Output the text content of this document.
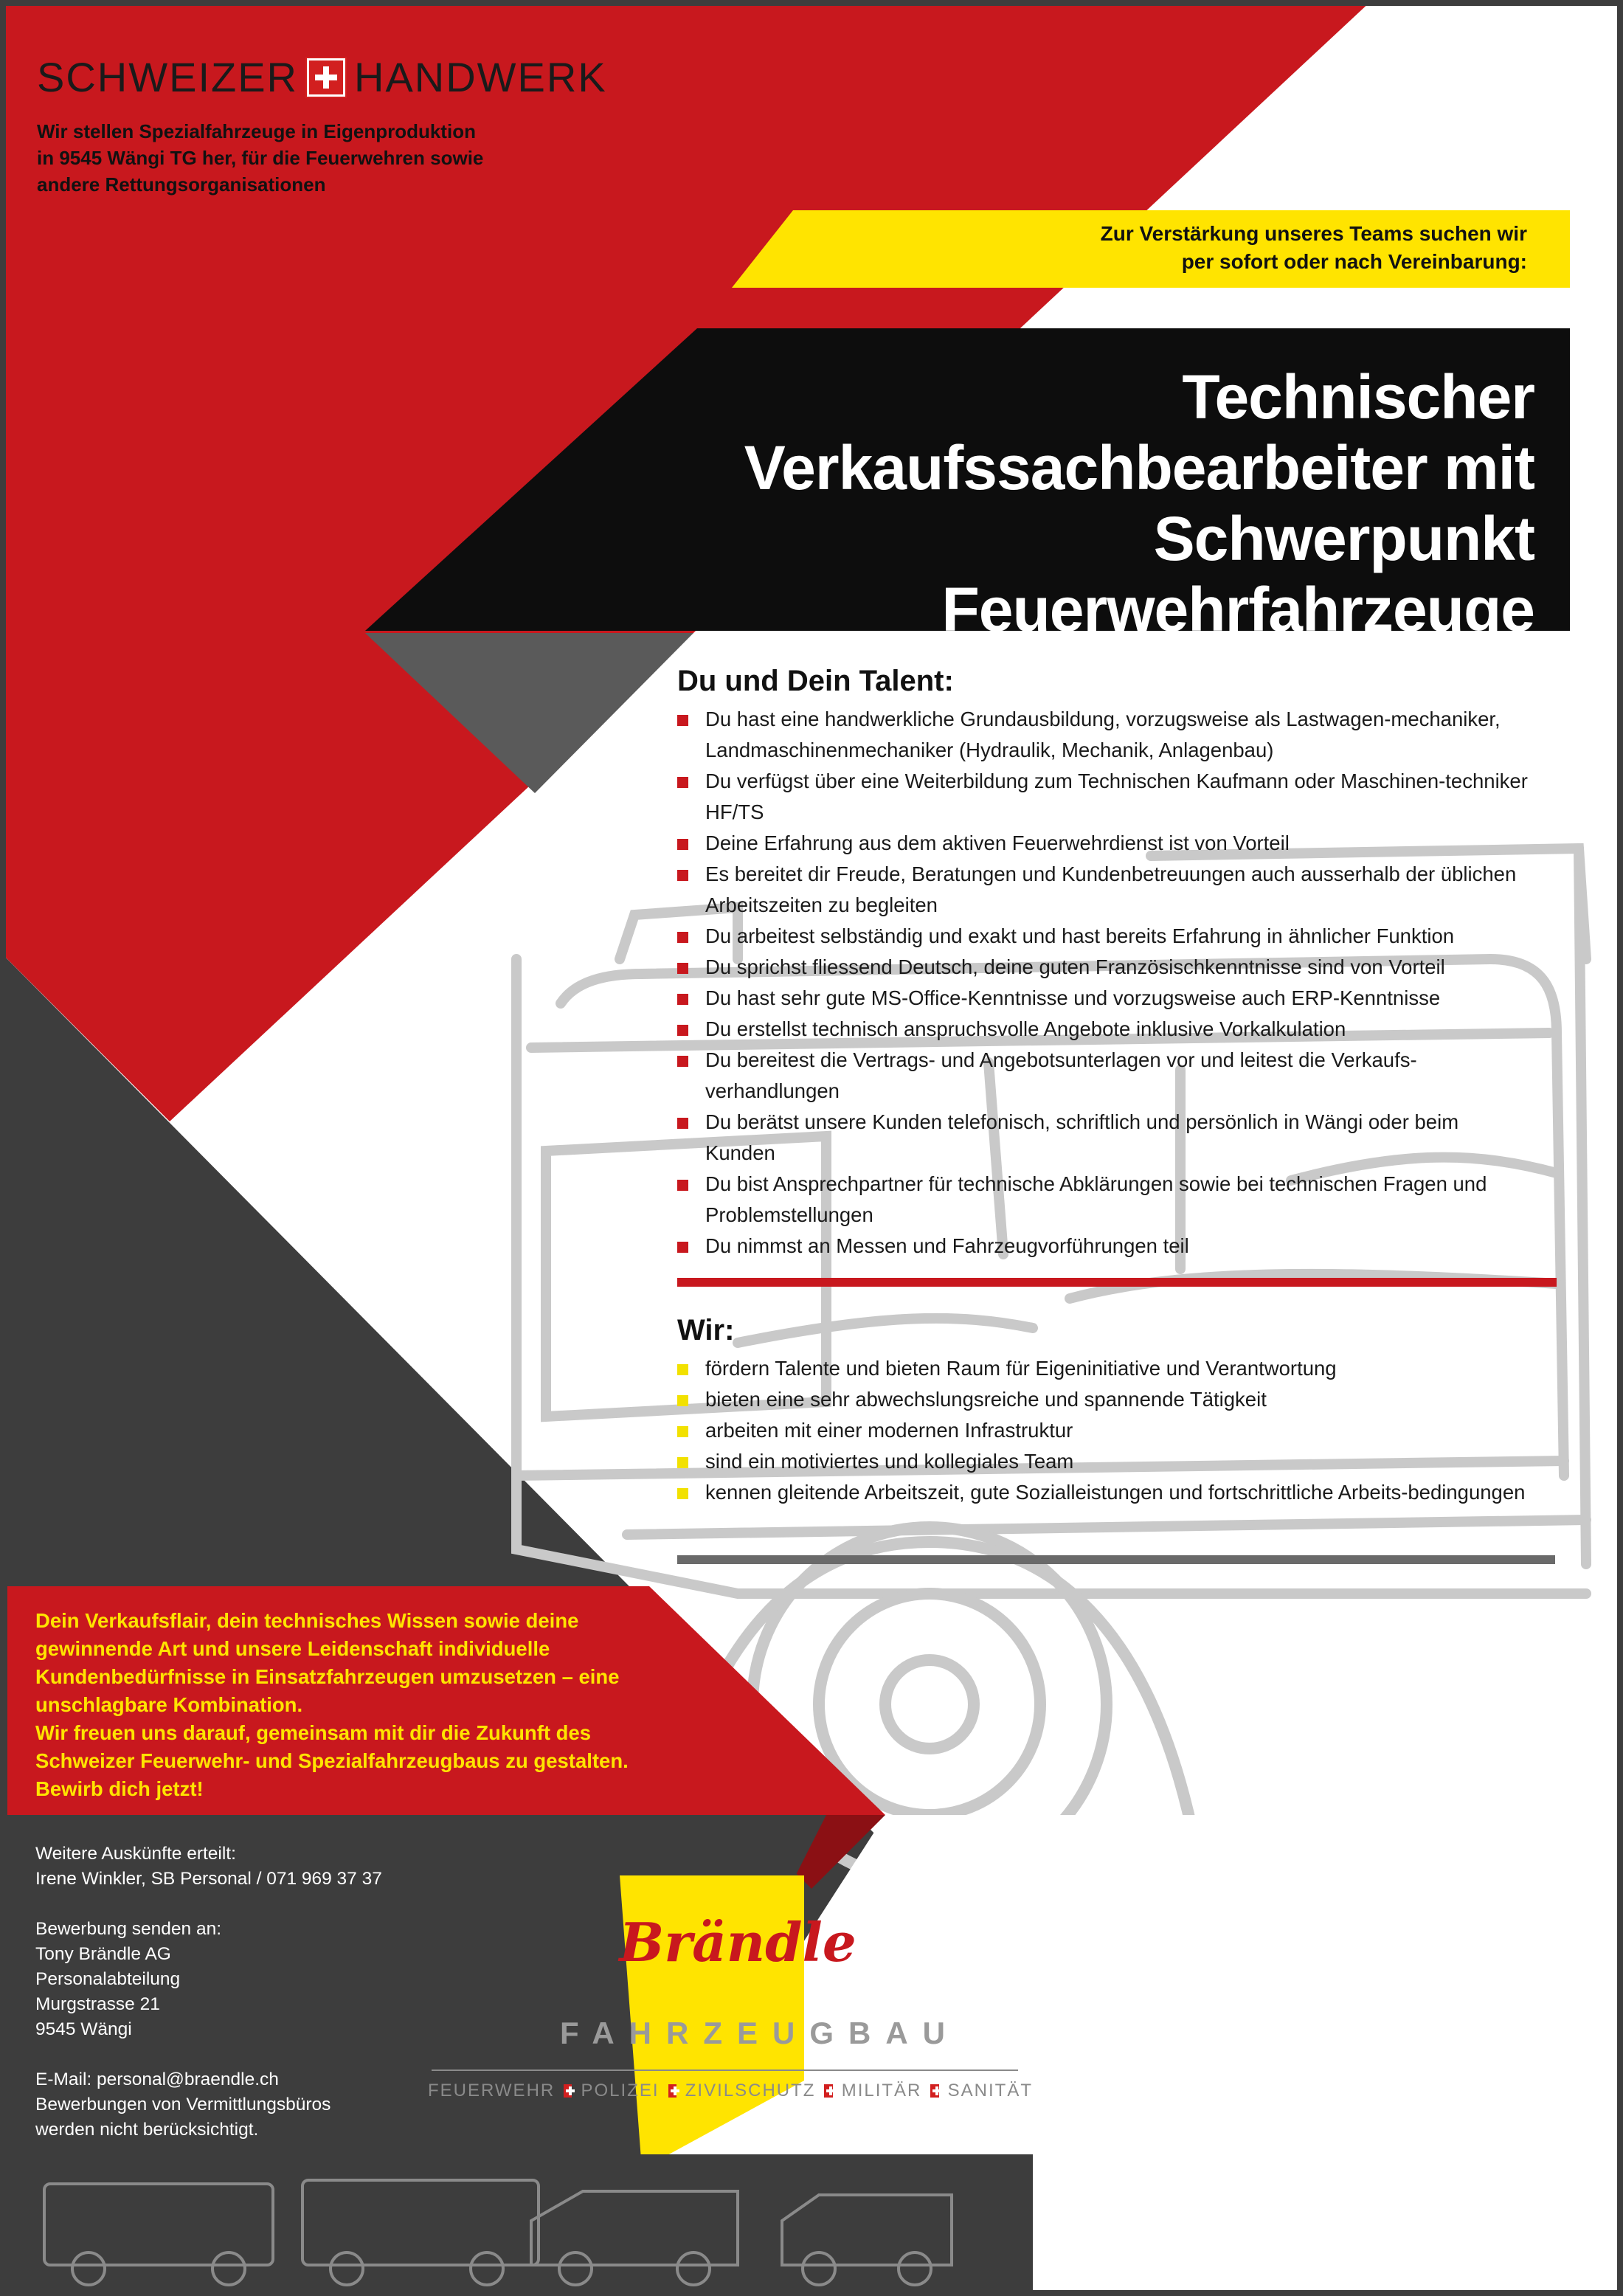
SCHWEIZER HANDWERK
Wir stellen Spezialfahrzeuge in Eigenproduktion
in 9545 Wängi TG her, für die Feuerwehren sowie
andere Rettungsorganisationen
Zur Verstärkung unseres Teams suchen wir
per sofort oder nach Vereinbarung:
Technischer
Verkaufssachbearbeiter mit
Schwerpunkt Feuerwehrfahrzeuge
Du und Dein Talent:
Du hast eine handwerkliche Grundausbildung, vorzugsweise als Lastwagen-mechaniker, Landmaschinenmechaniker (Hydraulik, Mechanik, Anlagenbau)
Du verfügst über eine Weiterbildung zum Technischen Kaufmann oder Maschinen-techniker HF/TS
Deine Erfahrung aus dem aktiven Feuerwehrdienst ist von Vorteil
Es bereitet dir Freude, Beratungen und Kundenbetreuungen auch ausserhalb der üblichen Arbeitszeiten zu begleiten
Du arbeitest selbständig und exakt und hast bereits Erfahrung in ähnlicher Funktion
Du sprichst fliessend Deutsch, deine guten Französischkenntnisse sind von Vorteil
Du hast sehr gute MS-Office-Kenntnisse und vorzugsweise auch ERP-Kenntnisse
Du erstellst technisch anspruchsvolle Angebote inklusive Vorkalkulation
Du bereitest die Vertrags- und Angebotsunterlagen vor und leitest die Verkaufs-verhandlungen
Du berätst unsere Kunden telefonisch, schriftlich und persönlich in Wängi oder beim Kunden
Du bist Ansprechpartner für technische Abklärungen sowie bei technischen Fragen und Problemstellungen
Du nimmst an Messen und Fahrzeugvorführungen teil
Wir:
fördern Talente und bieten Raum für Eigeninitiative und Verantwortung
bieten eine sehr abwechslungsreiche und spannende Tätigkeit
arbeiten mit einer modernen Infrastruktur
sind ein motiviertes und kollegiales Team
kennen gleitende Arbeitszeit, gute Sozialleistungen und fortschrittliche Arbeits-bedingungen
Dein Verkaufsflair, dein technisches Wissen sowie deine
gewinnende Art und unsere Leidenschaft individuelle
Kundenbedürfnisse in Einsatzfahrzeugen umzusetzen – eine
unschlagbare Kombination.
Wir freuen uns darauf, gemeinsam mit dir die Zukunft des
Schweizer Feuerwehr- und Spezialfahrzeugbaus zu gestalten.
Bewirb dich jetzt!
Weitere Auskünfte erteilt:
Irene Winkler, SB Personal / 071 969 37 37
Bewerbung senden an:
Tony Brändle AG
Personalabteilung
Murgstrasse 21
9545 Wängi
E-Mail: personal@braendle.ch
Bewerbungen von Vermittlungsbüros
werden nicht berücksichtigt.
Brändle
FAHRZEUGBAU
FEUERWEHR POLIZEI ZIVILSCHUTZ MILITÄR SANITÄT
